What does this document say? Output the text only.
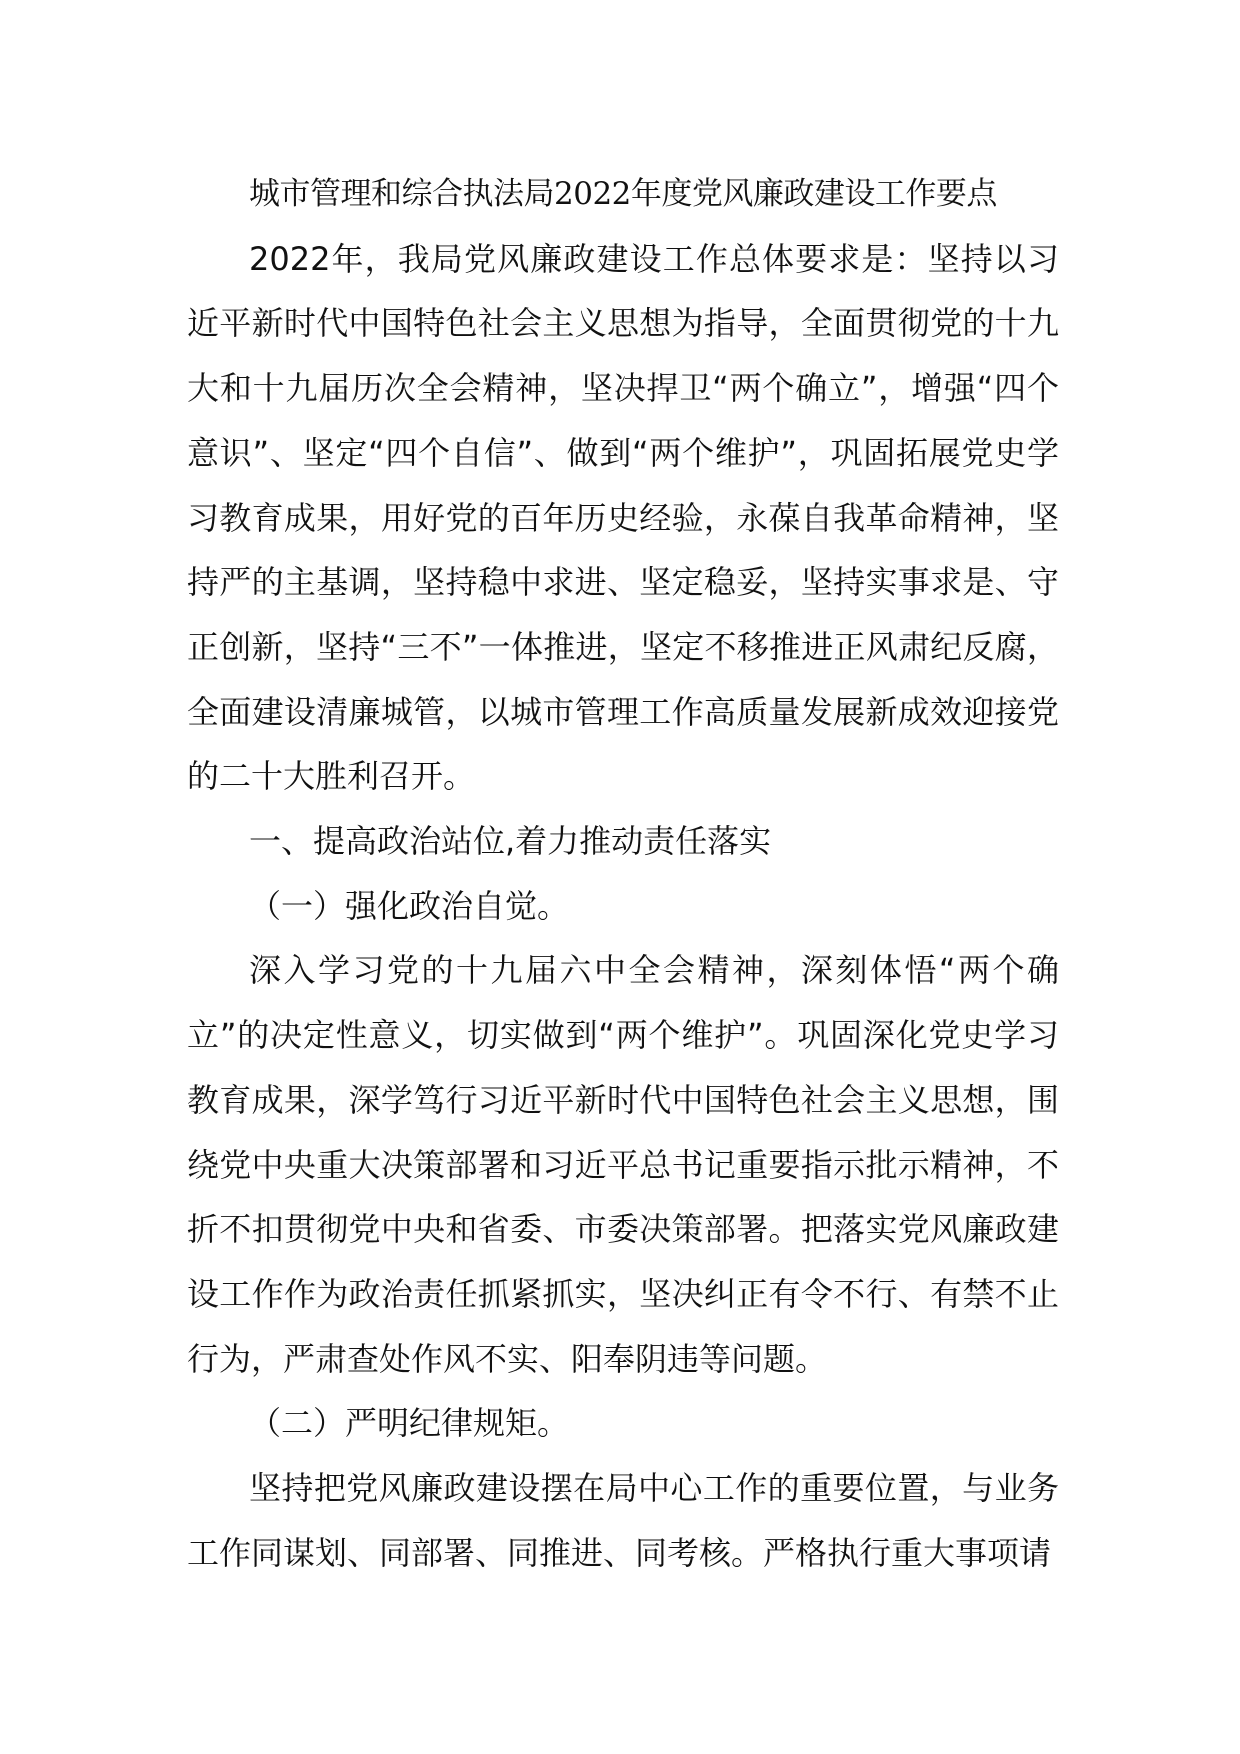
城市管理和综合执法局2022年度党风廉政建设工作要点

2022年，我局党风廉政建设工作总体要求是：坚持以习近平新时代中国特色社会主义思想为指导，全面贯彻党的十九大和十九届历次全会精神，坚决捍卫“两个确立”，增强“四个意识”、坚定“四个自信”、做到“两个维护”，巩固拓展党史学习教育成果，用好党的百年历史经验，永葆自我革命精神，坚持严的主基调，坚持稳中求进、坚定稳妥，坚持实事求是、守正创新，坚持“三不”一体推进，坚定不移推进正风肃纪反腐，全面建设清廉城管，以城市管理工作高质量发展新成效迎接党的二十大胜利召开。

一、提高政治站位,着力推动责任落实

（一）强化政治自觉。

深入学习党的十九届六中全会精神，深刻体悟“两个确立”的决定性意义，切实做到“两个维护”。巩固深化党史学习教育成果，深学笃行习近平新时代中国特色社会主义思想，围绕党中央重大决策部署和习近平总书记重要指示批示精神，不折不扣贯彻党中央和省委、市委决策部署。把落实党风廉政建设工作作为政治责任抓紧抓实，坚决纠正有令不行、有禁不止行为，严肃查处作风不实、阳奉阴违等问题。

（二）严明纪律规矩。

坚持把党风廉政建设摆在局中心工作的重要位置，与业务工作同谋划、同部署、同推进、同考核。严格执行重大事项请
